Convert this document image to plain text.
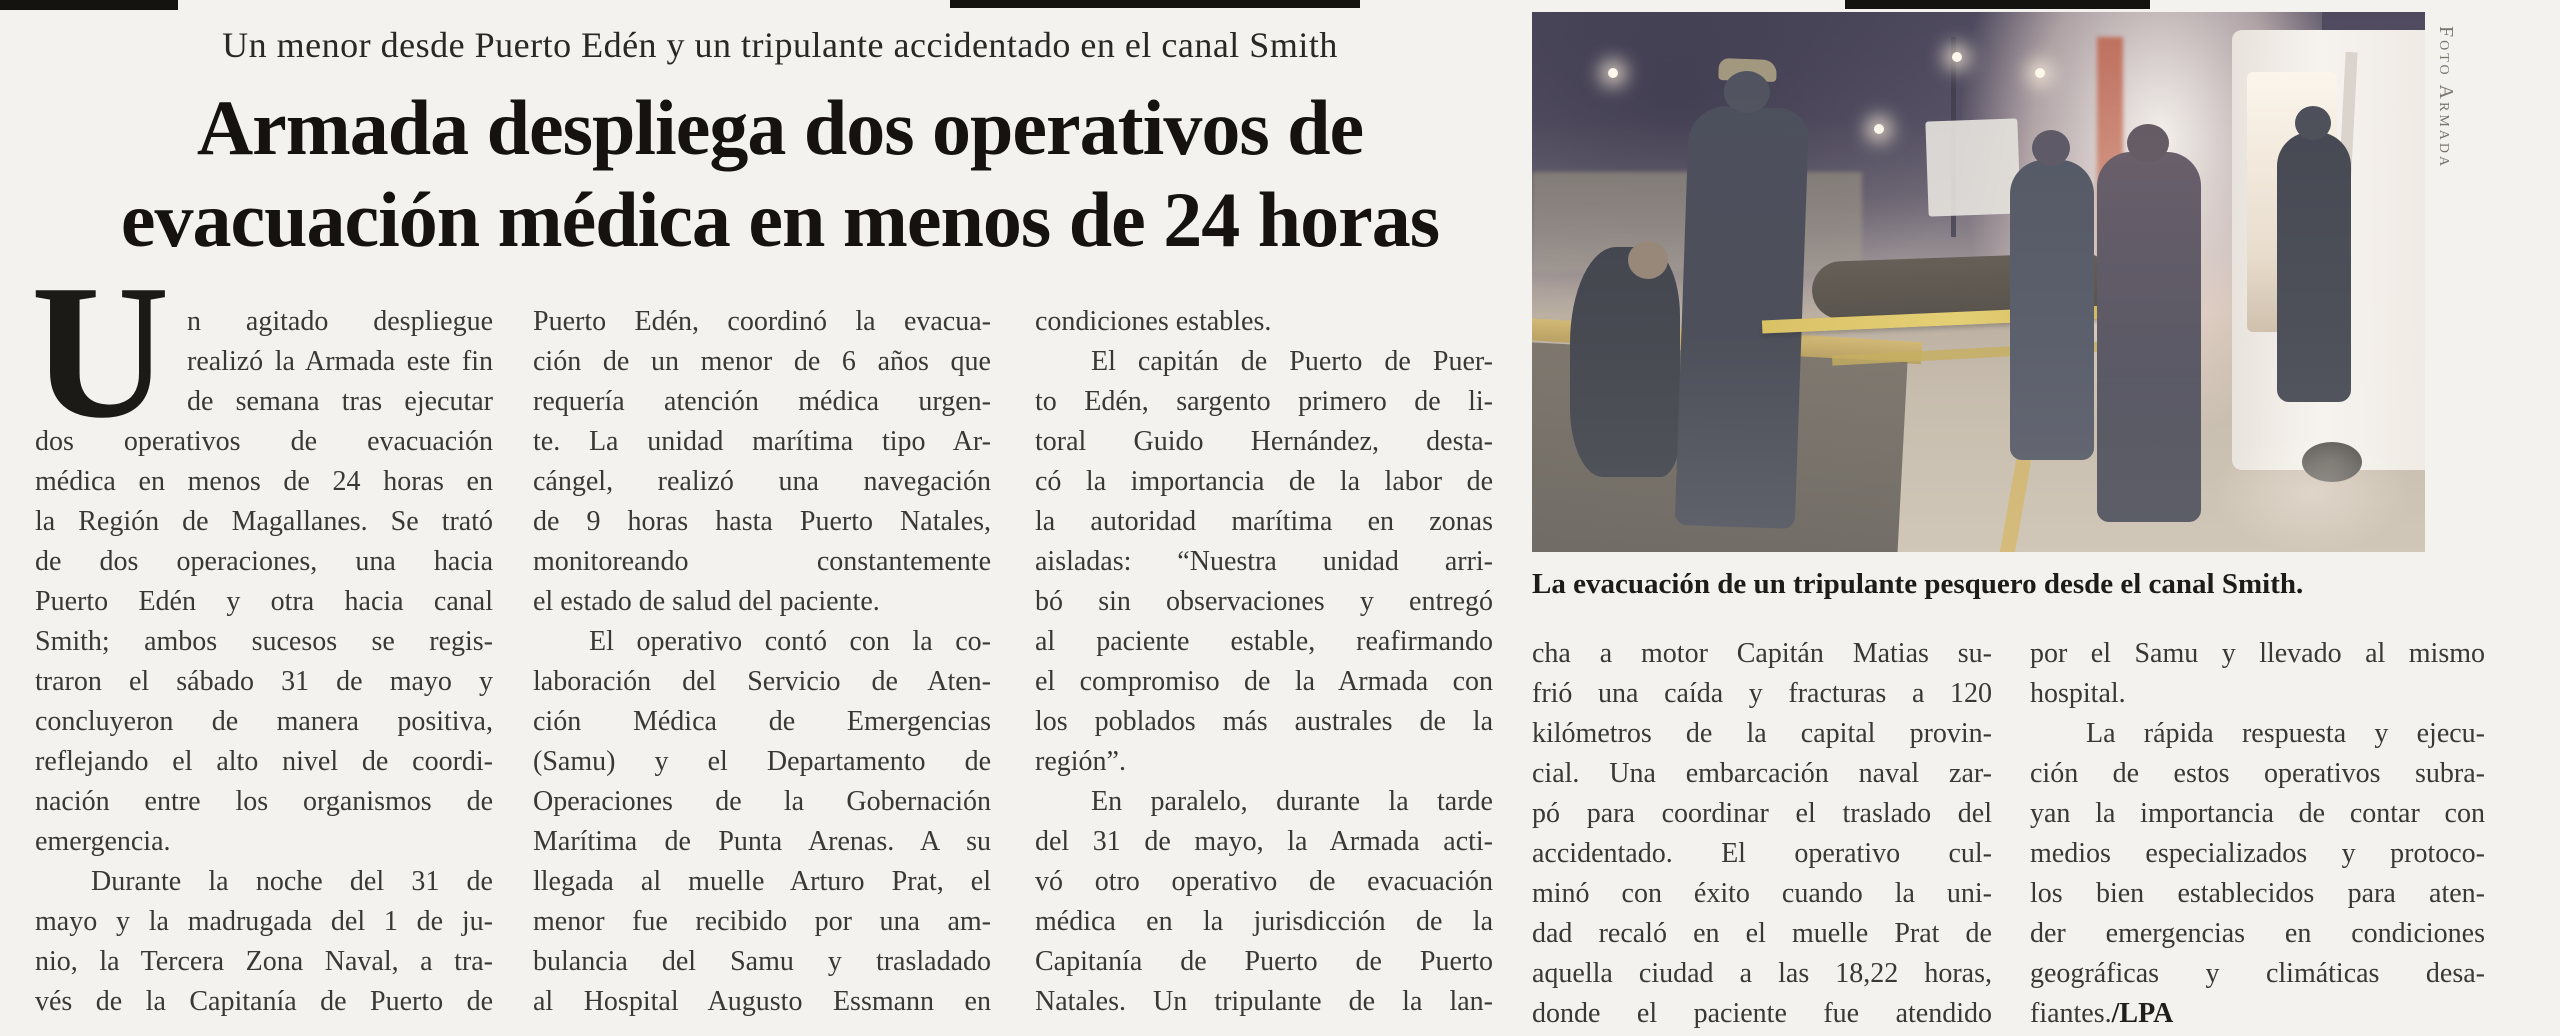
Un menor desde Puerto Edén y un tripulante accidentado en el canal Smith
Armada despliega dos operativos de
evacuación médica en menos de 24 horas
U n agitado despliegue
realizó la Armada este fin
de semana tras ejecutar
dos operativos de evacuación
médica en menos de 24 horas en
la Región de Magallanes. Se trató
de dos operaciones, una hacia
Puerto Edén y otra hacia canal
Smith; ambos sucesos se regis-
traron el sábado 31 de mayo y
concluyeron de manera positiva,
reflejando el alto nivel de coordi-
nación entre los organismos de
emergencia.
Durante la noche del 31 de
mayo y la madrugada del 1 de ju-
nio, la Tercera Zona Naval, a tra-
vés de la Capitanía de Puerto de
Puerto Edén, coordinó la evacua-
ción de un menor de 6 años que
requería atención médica urgen-
te. La unidad marítima tipo Ar-
cángel, realizó una navegación
de 9 horas hasta Puerto Natales,
monitoreando constantemente
el estado de salud del paciente.
El operativo contó con la co-
laboración del Servicio de Aten-
ción Médica de Emergencias
(Samu) y el Departamento de
Operaciones de la Gobernación
Marítima de Punta Arenas. A su
llegada al muelle Arturo Prat, el
menor fue recibido por una am-
bulancia del Samu y trasladado
al Hospital Augusto Essmann en
condiciones estables.
El capitán de Puerto de Puer-
to Edén, sargento primero de li-
toral Guido Hernández, desta-
có la importancia de la labor de
la autoridad marítima en zonas
aisladas: “Nuestra unidad arri-
bó sin observaciones y entregó
al paciente estable, reafirmando
el compromiso de la Armada con
los poblados más australes de la
región”.
En paralelo, durante la tarde
del 31 de mayo, la Armada acti-
vó otro operativo de evacuación
médica en la jurisdicción de la
Capitanía de Puerto de Puerto
Natales. Un tripulante de la lan-
cha a motor Capitán Matias su-
frió una caída y fracturas a 120
kilómetros de la capital provin-
cial. Una embarcación naval zar-
pó para coordinar el traslado del
accidentado. El operativo cul-
minó con éxito cuando la uni-
dad recaló en el muelle Prat de
aquella ciudad a las 18,22 horas,
donde el paciente fue atendido
por el Samu y llevado al mismo
hospital.
La rápida respuesta y ejecu-
ción de estos operativos subra-
yan la importancia de contar con
medios especializados y protoco-
los bien establecidos para aten-
der emergencias en condiciones
geográficas y climáticas desa-
fiantes./LPA
La evacuación de un tripulante pesquero desde el canal Smith.
Foto Armada
